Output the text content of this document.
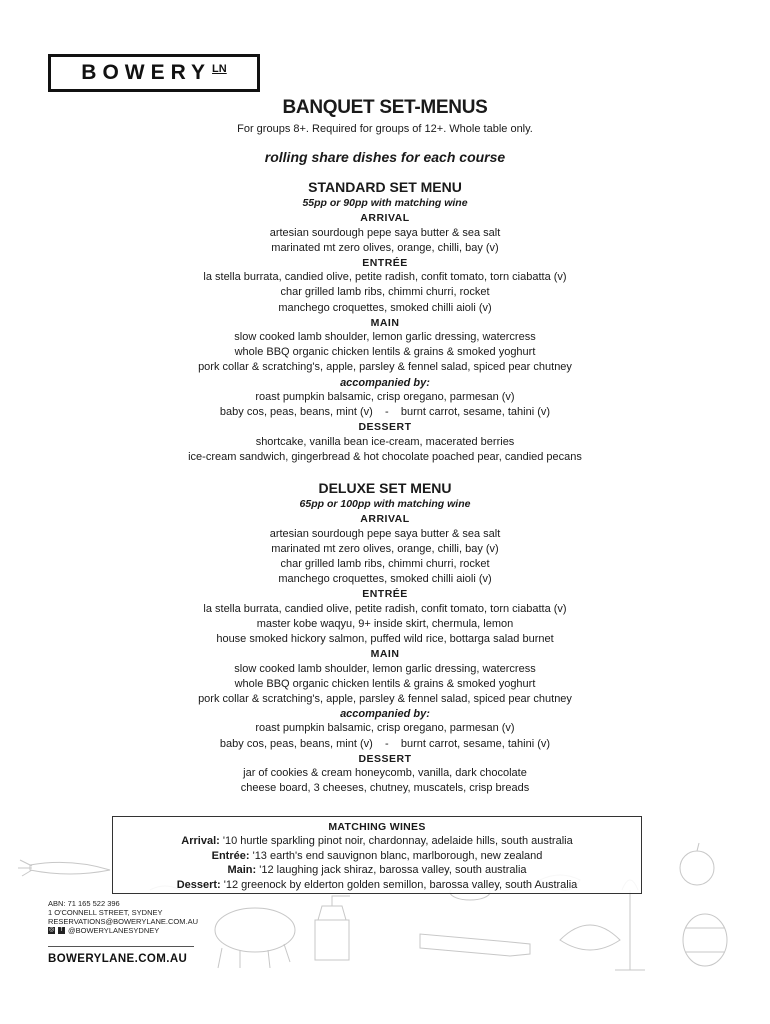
BOWERY LN
BANQUET SET-MENUS
For groups 8+. Required for groups of 12+. Whole table only.
rolling share dishes for each course
STANDARD SET MENU
55pp or 90pp with matching wine
ARRIVAL
artesian sourdough pepe saya butter & sea salt
marinated mt zero olives, orange, chilli, bay (v)
ENTRÉE
la stella burrata, candied olive, petite radish, confit tomato, torn ciabatta (v)
char grilled lamb ribs, chimmi churri, rocket
manchego croquettes, smoked chilli aioli (v)
MAIN
slow cooked lamb shoulder, lemon garlic dressing, watercress
whole BBQ organic chicken lentils & grains & smoked yoghurt
pork collar & scratching's, apple, parsley & fennel salad, spiced pear chutney
accompanied by:
roast pumpkin balsamic, crisp oregano, parmesan (v)
baby cos, peas, beans, mint (v)    -    burnt carrot, sesame, tahini (v)
DESSERT
shortcake, vanilla bean ice-cream, macerated berries
ice-cream sandwich, gingerbread & hot chocolate poached pear, candied pecans
DELUXE SET MENU
65pp or 100pp with matching wine
ARRIVAL
artesian sourdough pepe saya butter & sea salt
marinated mt zero olives, orange, chilli, bay (v)
char grilled lamb ribs, chimmi churri, rocket
manchego croquettes, smoked chilli aioli (v)
ENTRÉE
la stella burrata, candied olive, petite radish, confit tomato, torn ciabatta (v)
master kobe waqyu, 9+ inside skirt, chermula, lemon
house smoked hickory salmon, puffed wild rice, bottarga salad burnet
MAIN
slow cooked lamb shoulder, lemon garlic dressing, watercress
whole BBQ organic chicken lentils & grains & smoked yoghurt
pork collar & scratching's, apple, parsley & fennel salad, spiced pear chutney
accompanied by:
roast pumpkin balsamic, crisp oregano, parmesan (v)
baby cos, peas, beans, mint (v)    -    burnt carrot, sesame, tahini (v)
DESSERT
jar of cookies & cream honeycomb, vanilla, dark chocolate
cheese board, 3 cheeses, chutney, muscatels, crisp breads
MATCHING WINES
Arrival: '10 hurtle sparkling pinot noir, chardonnay, adelaide hills, south australia
Entrée: '13 earth's end sauvignon blanc, marlborough, new zealand
Main: '12 laughing jack shiraz, barossa valley, south australia
Dessert: '12 greenock by elderton golden semillon, barossa valley, south Australia
ABN: 71 165 522 396
1 O'CONNELL STREET, SYDNEY
RESERVATIONS@BOWERYLANE.COM.AU
◎	f @BOWERYLANESYDNEY
BOWERYLANE.COM.AU
